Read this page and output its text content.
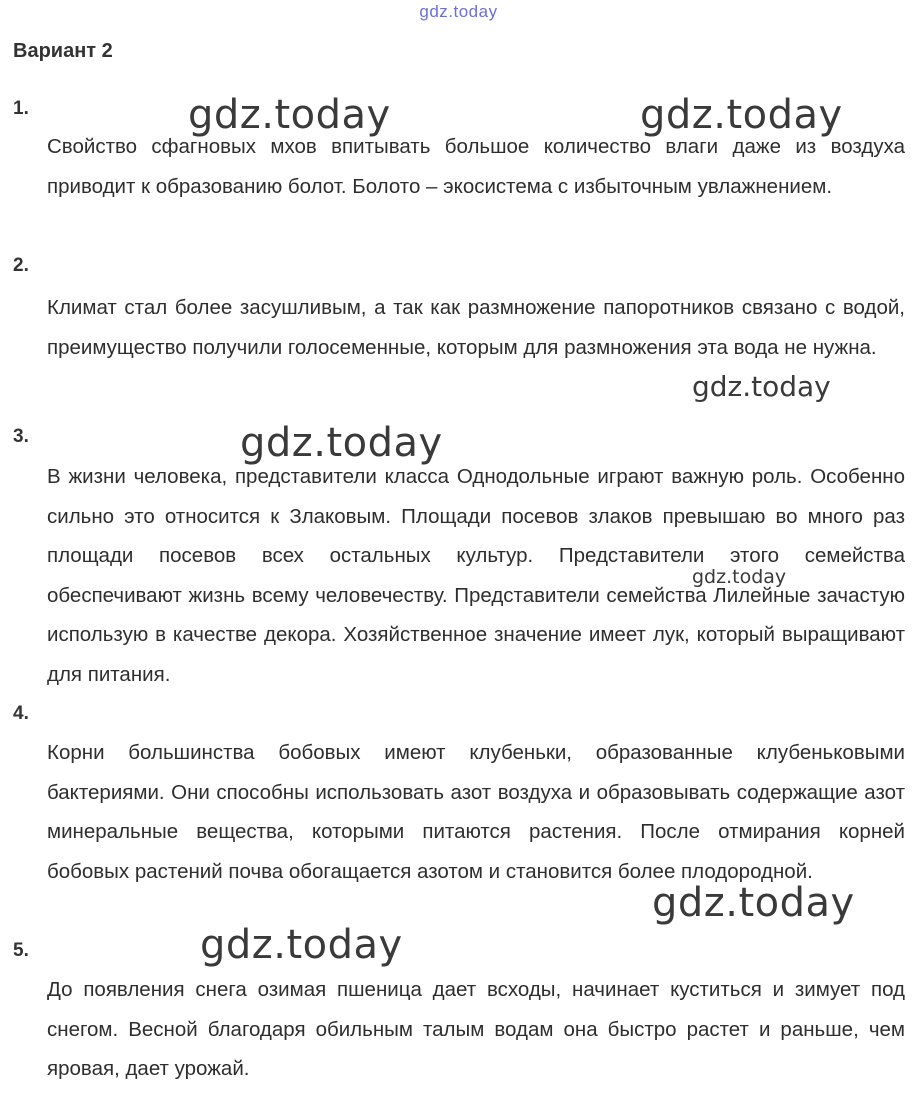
gdz.today
Вариант 2
1.

Свойство сфагновых мхов впитывать большое количество влаги даже из воздуха приводит к образованию болот. Болото – экосистема с избыточным увлажнением.

2.

Климат стал более засушливым, а так как размножение папоротников связано с водой, преимущество получили голосеменные, которым для размножения эта вода не нужна.

3.

В жизни человека, представители класса Однодольные играют важную роль. Особенно сильно это относится к Злаковым. Площади посевов злаков превышаю во много раз площади посевов всех остальных культур. Представители этого семейства обеспечивают жизнь всему человечеству. Представители семейства Лилейные зачастую использую в качестве декора. Хозяйственное значение имеет лук, который выращивают для питания.

4.

Корни большинства бобовых имеют клубеньки, образованные клубеньковыми бактериями. Они способны использовать азот воздуха и образовывать содержащие азот минеральные вещества, которыми питаются растения. После отмирания корней бобовых растений почва обогащается азотом и становится более плодородной.

5.

До появления снега озимая пшеница дает всходы, начинает куститься и зимует под снегом. Весной благодаря обильным талым водам она быстро растет и раньше, чем яровая, дает урожай.

gdz.today	gdz.today
gdz.today
gdz.today
gdz.today
gdz.today
gdz.today
